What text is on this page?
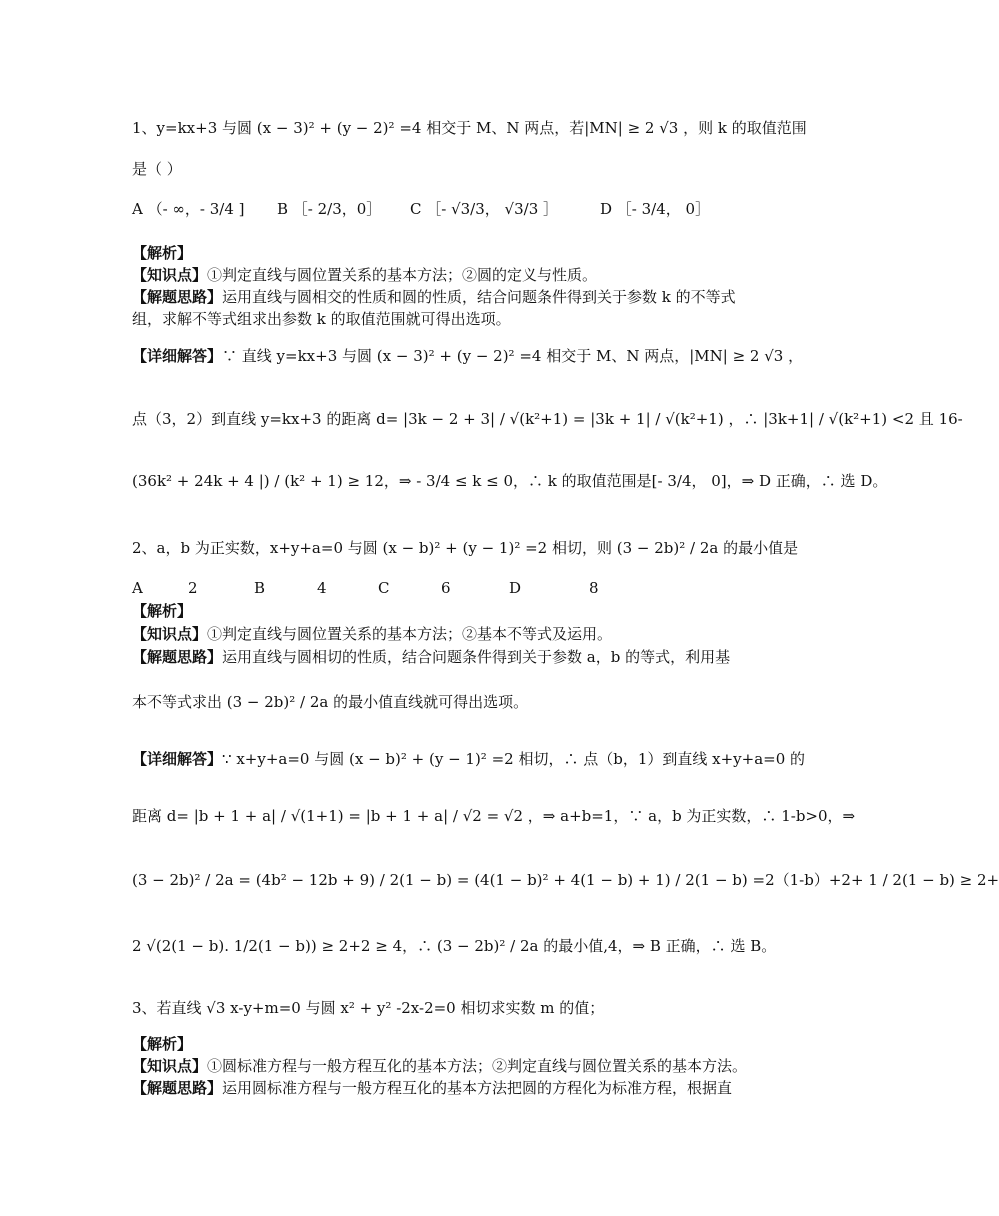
1、y=kx+3 与圆 (x − 3)² + (y − 2)² =4 相交于 M、N 两点，若|MN| ≥ 2 √3 ，则 k 的取值范围
是（ ）
A （- ∞，- 3/4 ] B ［- 2/3，0］ C ［- √3/3， √3/3 ］	D ［- 3/4， 0］
【解析】
【知识点】①判定直线与圆位置关系的基本方法；②圆的定义与性质。
【解题思路】运用直线与圆相交的性质和圆的性质，结合问题条件得到关于参数 k 的不等式
组，求解不等式组求出参数 k 的取值范围就可得出选项。
【详细解答】∵ 直线 y=kx+3 与圆 (x − 3)² + (y − 2)² =4 相交于 M、N 两点，|MN| ≥ 2 √3 ，
点（3，2）到直线 y=kx+3 的距离 d= |3k − 2 + 3| / √(k²+1) = |3k + 1| / √(k²+1) ，∴ |3k+1| / √(k²+1) <2 且 16-
(36k² + 24k + 4 |) / (k² + 1) ≥ 12，⇒ - 3/4 ≤ k ≤ 0，∴ k 的取值范围是[- 3/4， 0]，⇒ D 正确，∴ 选 D。
2、a，b 为正实数，x+y+a=0 与圆 (x − b)² + (y − 1)² =2 相切，则 (3 − 2b)² / 2a 的最小值是
A	2	B	4	C	6	D	8
【解析】
【知识点】①判定直线与圆位置关系的基本方法；②基本不等式及运用。
【解题思路】运用直线与圆相切的性质，结合问题条件得到关于参数 a，b 的等式，利用基
本不等式求出 (3 − 2b)² / 2a 的最小值直线就可得出选项。
【详细解答】∵ x+y+a=0 与圆 (x − b)² + (y − 1)² =2 相切，∴ 点（b，1）到直线 x+y+a=0 的
距离 d= |b + 1 + a| / √(1+1) = |b + 1 + a| / √2 = √2 ，⇒ a+b=1，∵ a，b 为正实数，∴ 1-b>0，⇒
(3 − 2b)² / 2a = (4b² − 12b + 9) / 2(1 − b) = (4(1 − b)² + 4(1 − b) + 1) / 2(1 − b) =2（1-b）+2+ 1 / 2(1 − b) ≥ 2+
2 √(2(1 − b). 1/2(1 − b)) ≥ 2+2 ≥ 4，∴ (3 − 2b)² / 2a 的最小值,4，⇒ B 正确，∴ 选 B。
3、若直线 √3 x-y+m=0 与圆 x² + y² -2x-2=0 相切求实数 m 的值；
【解析】
【知识点】①圆标准方程与一般方程互化的基本方法；②判定直线与圆位置关系的基本方法。
【解题思路】运用圆标准方程与一般方程互化的基本方法把圆的方程化为标准方程，根据直
